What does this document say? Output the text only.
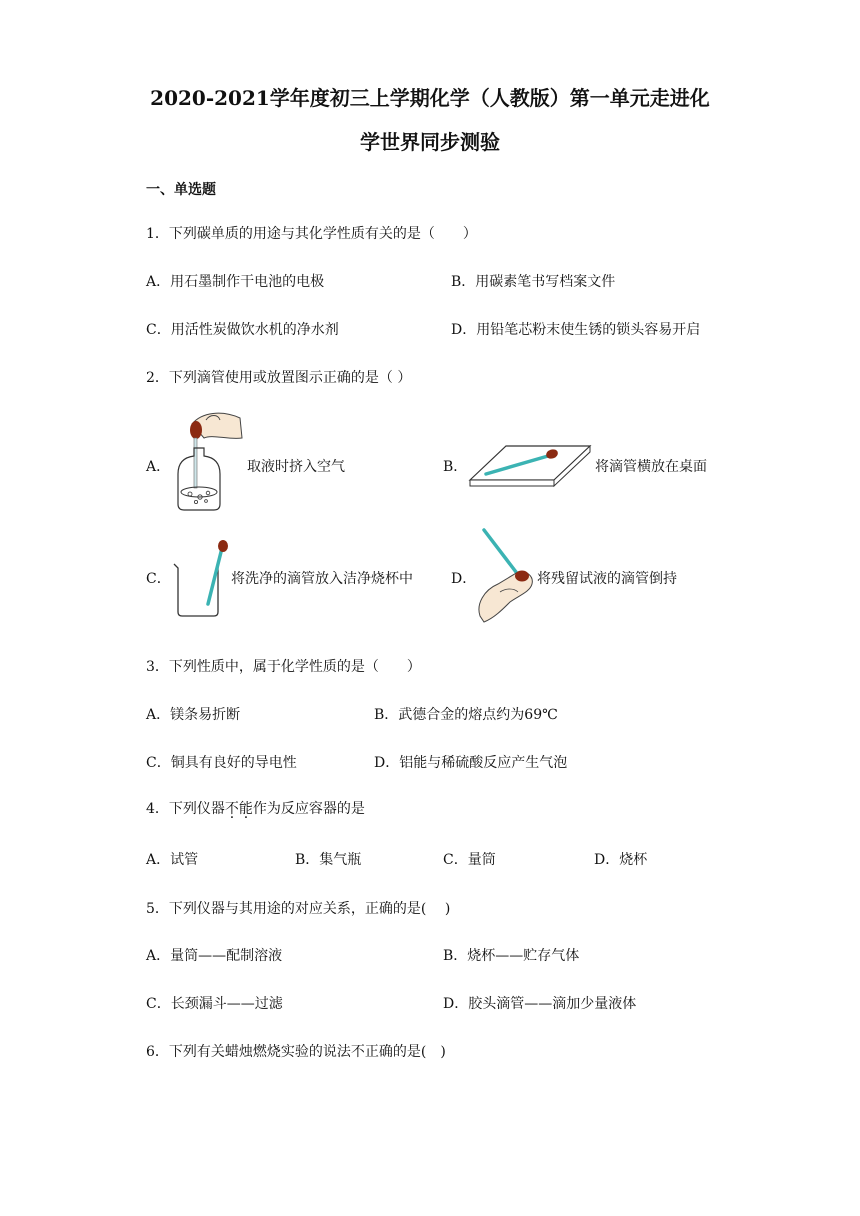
2020-2021学年度初三上学期化学（人教版）第一单元走进化
学世界同步测验
一、单选题
1．下列碳单质的用途与其化学性质有关的是（　　）
A．用石墨制作干电池的电极	B．用碳素笔书写档案文件
C．用活性炭做饮水机的净水剂	D．用铅笔芯粉末使生锈的锁头容易开启
2．下列滴管使用或放置图示正确的是（ ）
A．	取液时挤入空气	B．	将滴管横放在桌面
C．	将洗净的滴管放入洁净烧杯中	D．	将残留试液的滴管倒持
3．下列性质中，属于化学性质的是（　　）
A．镁条易折断	B．武德合金的熔点约为69℃
C．铜具有良好的导电性	D．铝能与稀硫酸反应产生气泡
4．下列仪器不能作为反应容器的是
A．试管	B．集气瓶	C．量筒	D．烧杯
5．下列仪器与其用途的对应关系，正确的是(　 )
A．量筒——配制溶液	B．烧杯——贮存气体
C．长颈漏斗——过滤	D．胶头滴管——滴加少量液体
6．下列有关蜡烛燃烧实验的说法不正确的是(　)
